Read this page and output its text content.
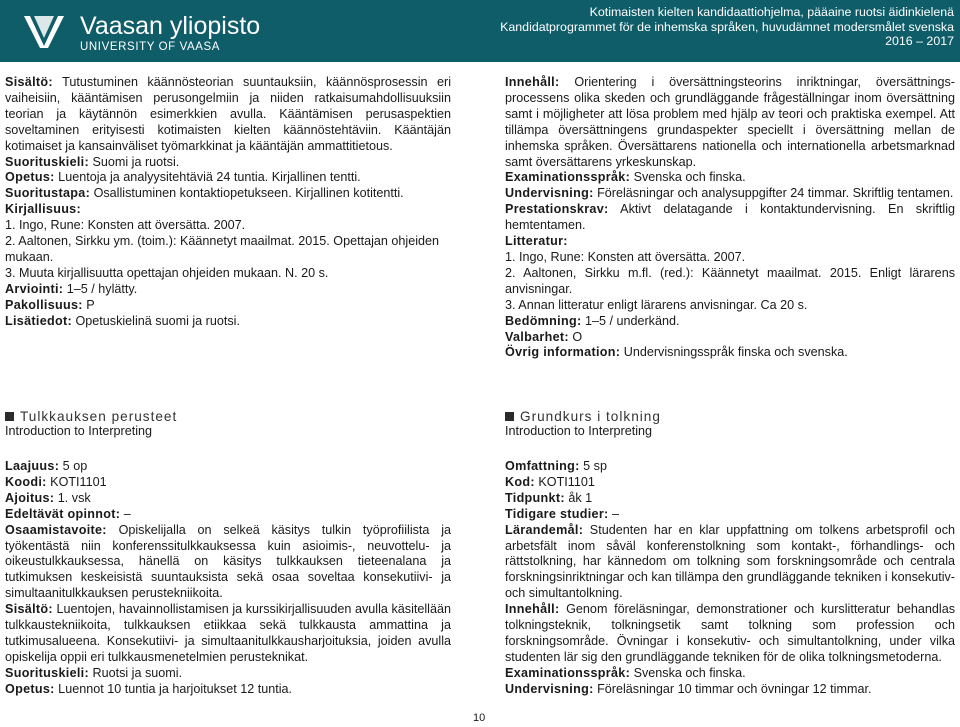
Vaasan yliopisto
UNIVERSITY OF VAASA
Kotimaisten kielten kandidaattiohjelma, pääaine ruotsi äidinkielenä
Kandidatprogrammet för de inhemska språken, huvudämnet modersmålet svenska
2016 – 2017

Sisältö: Tutustuminen käännösteorian suuntauksiin, käännösprosessin eri vaiheisiin, kääntämisen perusongelmiin ja niiden ratkaisumahdollisuuksiin teorian ja käytännön esimerkkien avulla. Kääntämisen perusaspektien soveltaminen erityisesti kotimaisten kielten käännöstehtäviin. Kääntäjän kotimaiset ja kansainväliset työmarkkinat ja kääntäjän ammattitietous.

Suorituskieli: Suomi ja ruotsi.

Opetus: Luentoja ja analyysitehtäviä 24 tuntia. Kirjallinen tentti.

Suoritustapa: Osallistuminen kontaktiopetukseen. Kirjallinen kotitentti.

Kirjallisuus:

1. Ingo, Rune: Konsten att översätta. 2007.

2. Aaltonen, Sirkku ym. (toim.): Käännetyt maailmat. 2015. Opettajan ohjeiden mukaan.

3. Muuta kirjallisuutta opettajan ohjeiden mukaan. N. 20 s.

Arviointi: 1–5 / hylätty.

Pakollisuus: P

Lisätiedot: Opetuskielinä suomi ja ruotsi.

Innehåll: Orientering i översättningsteorins inriktningar, översättningsprocessens olika skeden och grundläggande frågeställningar inom översättning samt i möjligheter att lösa problem med hjälp av teori och praktiska exempel. Att tillämpa översättningens grundaspekter speciellt i översättning mellan de inhemska språken. Översättarens nationella och internationella arbetsmarknad samt översättarens yrkeskunskap.

Examinationsspråk: Svenska och finska.

Undervisning: Föreläsningar och analysuppgifter 24 timmar. Skriftlig tentamen.

Prestationskrav: Aktivt delatagande i kontaktundervisning. En skriftlig hemtentamen.

Litteratur:

1. Ingo, Rune: Konsten att översätta. 2007.

2. Aaltonen, Sirkku m.fl. (red.): Käännetyt maailmat. 2015. Enligt lärarens anvisningar.

3. Annan litteratur enligt lärarens anvisningar. Ca 20 s.

Bedömning: 1–5 / underkänd.

Valbarhet: O

Övrig information: Undervisningsspråk finska och svenska.

Tulkkauksen perusteet
Introduction to Interpreting

Laajuus: 5 op

Koodi: KOTI1101

Ajoitus: 1. vsk

Edeltävät opinnot: –

Osaamistavoite: Opiskelijalla on selkeä käsitys tulkin työprofiilista ja työkentästä niin konferenssitulkkauksessa kuin asioimis-, neuvottelu- ja oikeustulkkauksessa, hänellä on käsitys tulkkauksen tieteenalana ja tutkimuksen keskeisistä suuntauksista sekä osaa soveltaa konsekutiivi- ja simultaanitulkkauksen perustekniikoita.

Sisältö: Luentojen, havainnollistamisen ja kurssikirjallisuuden avulla käsitellään tulkkaustekniikoita, tulkkauksen etiikkaa sekä tulkkausta ammattina ja tutkimusalueena. Konsekutiivi- ja simultaanitulkkausharjoituksia, joiden avulla opiskelija oppii eri tulkkausmenetelmien perusteknikat.

Suorituskieli: Ruotsi ja suomi.

Opetus: Luennot 10 tuntia ja harjoitukset 12 tuntia.

Grundkurs i tolkning
Introduction to Interpreting

Omfattning: 5 sp

Kod: KOTI1101

Tidpunkt: åk 1

Tidigare studier: –

Lärandemål: Studenten har en klar uppfattning om tolkens arbetsprofil och arbetsfält inom såväl konferenstolkning som kontakt-, förhandlings- och rättstolkning, har kännedom om tolkning som forskningsområde och centrala forskningsinriktningar och kan tillämpa den grundläggande tekniken i konsekutiv- och simultantolkning.

Innehåll: Genom föreläsningar, demonstrationer och kurslitteratur behandlas tolkningsteknik, tolkningsetik samt tolkning som profession och forskningsområde. Övningar i konsekutiv- och simultantolkning, under vilka studenten lär sig den grundläggande tekniken för de olika tolkningsmetoderna.

Examinationsspråk: Svenska och finska.

Undervisning: Föreläsningar 10 timmar och övningar 12 timmar.

10
